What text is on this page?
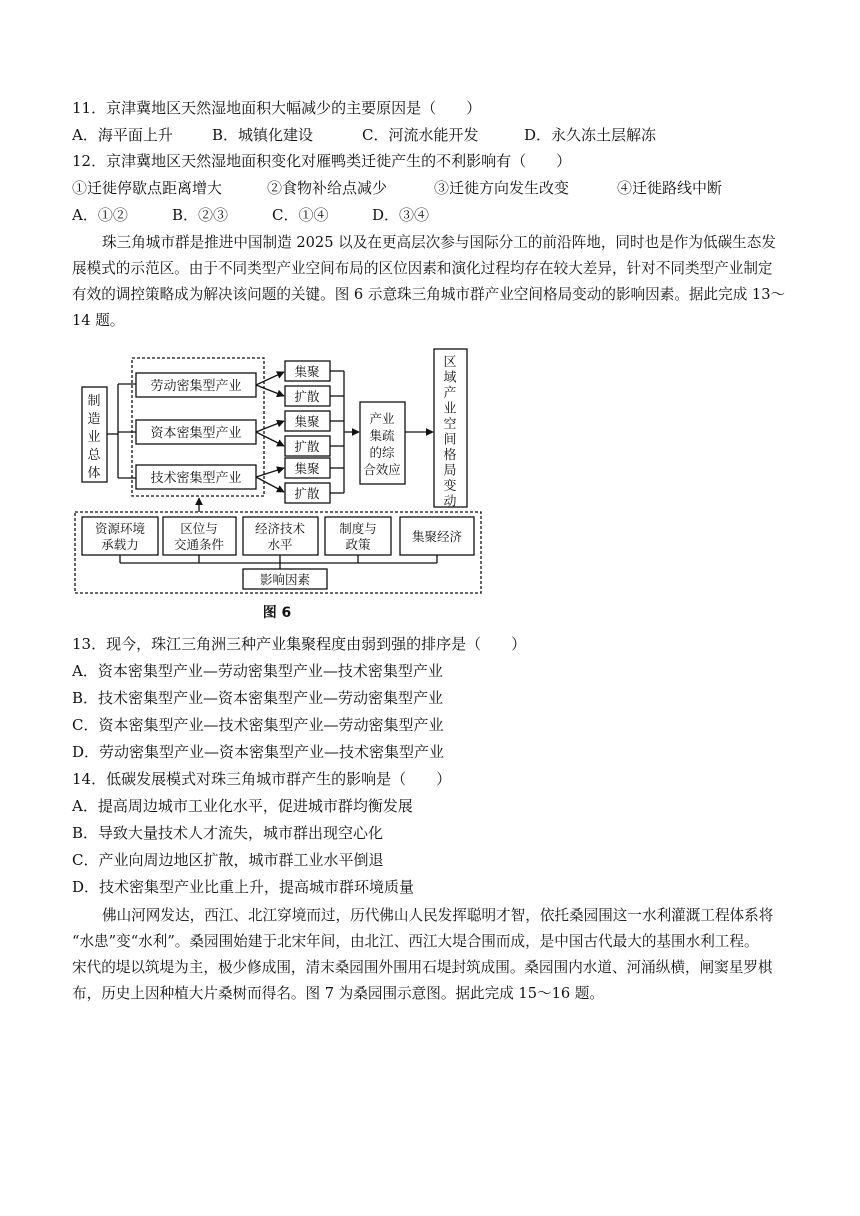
11．京津冀地区天然湿地面积大幅减少的主要原因是（　　）
A．海平面上升	B．城镇化建设	C．河流水能开发	D．永久冻土层解冻
12．京津冀地区天然湿地面积变化对雁鸭类迁徙产生的不利影响有（　　）
①迁徙停歇点距离增大	②食物补给点减少	③迁徙方向发生改变	④迁徙路线中断
A．①②	B．②③	C．①④	D．③④
珠三角城市群是推进中国制造 2025 以及在更高层次参与国际分工的前沿阵地，同时也是作为低碳生态发
展模式的示范区。由于不同类型产业空间布局的区位因素和演化过程均存在较大差异，针对不同类型产业制定
有效的调控策略成为解决该问题的关键。图 6 示意珠三角城市群产业空间格局变动的影响因素。据此完成 13～
14 题。
制
造
业
总
体
劳动密集型产业
资本密集型产业
技术密集型产业
集聚
扩散
集聚
扩散
集聚
扩散
产业
集疏
的综
合效应
区
域
产
业
空
间
格
局
变
动
资源环境
承载力
区位与
交通条件
经济技术
水平
制度与
政策
集聚经济
影响因素
图 6
13．现今，珠江三角洲三种产业集聚程度由弱到强的排序是（　　）
A．资本密集型产业—劳动密集型产业—技术密集型产业
B．技术密集型产业—资本密集型产业—劳动密集型产业
C．资本密集型产业—技术密集型产业—劳动密集型产业
D．劳动密集型产业—资本密集型产业—技术密集型产业
14．低碳发展模式对珠三角城市群产生的影响是（　　）
A．提高周边城市工业化水平，促进城市群均衡发展
B．导致大量技术人才流失，城市群出现空心化
C．产业向周边地区扩散，城市群工业水平倒退
D．技术密集型产业比重上升，提高城市群环境质量
佛山河网发达，西江、北江穿境而过，历代佛山人民发挥聪明才智，依托桑园围这一水利灌溉工程体系将
“水患”变“水利”。桑园围始建于北宋年间，由北江、西江大堤合围而成，是中国古代最大的基围水利工程。
宋代的堤以筑堤为主，极少修成围，清末桑园围外围用石堤封筑成围。桑园围内水道、河涌纵横，闸窦星罗棋
布，历史上因种植大片桑树而得名。图 7 为桑园围示意图。据此完成 15～16 题。
